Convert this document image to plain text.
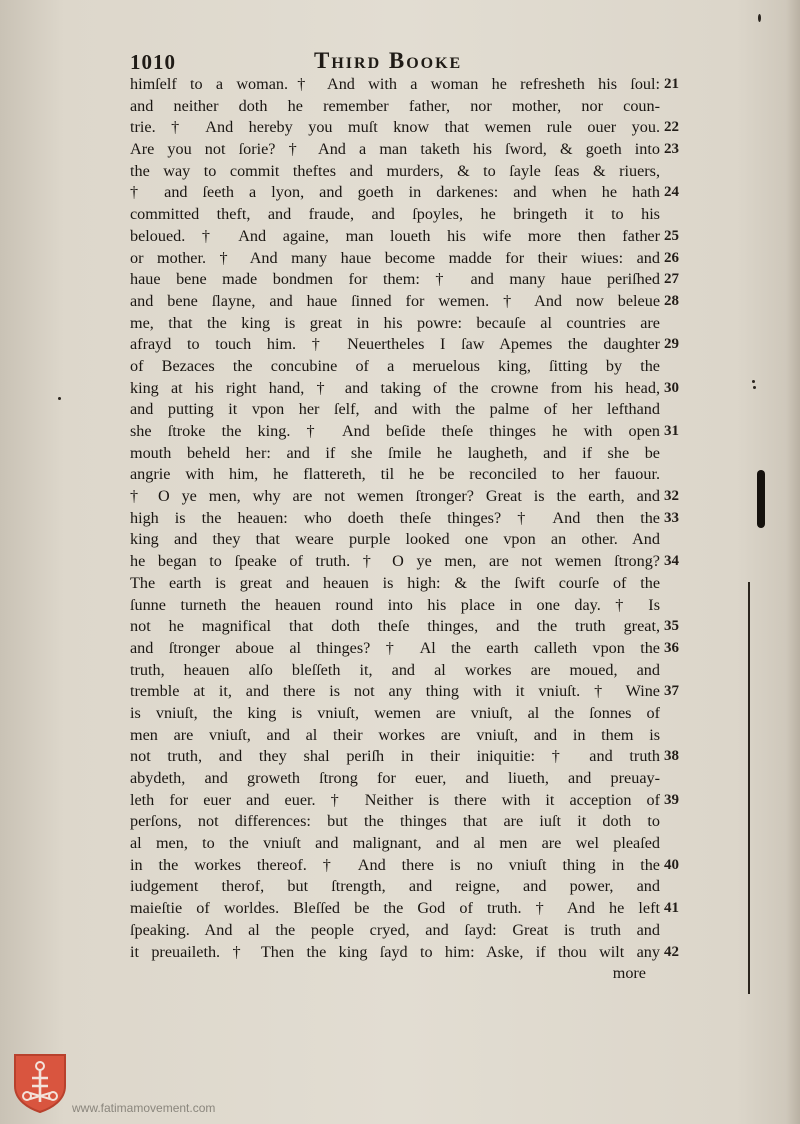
1010	Third Booke
himſelf to a woman.† And with a woman he refresheth his ſoul:
and neither doth he remember father, nor mother, nor coun-
trie. † And hereby you muſt know that wemen rule ouer you.
Are you not ſorie? † And a man taketh his ſword, & goeth into
the way to commit theftes and murders, & to ſayle ſeas & riuers,
† and ſeeth a lyon, and goeth in darkenes: and when he hath
committed theft, and fraude, and ſpoyles, he bringeth it to his
beloued. † And againe, man loueth his wife more then father
or mother. † And many haue become madde for their wiues: and
haue bene made bondmen for them: † and many haue periſhed
and bene ſlayne, and haue ſinned for wemen. † And now beleue
me, that the king is great in his powre: becauſe al countries are
afrayd to touch him. † Neuertheles I ſaw Apemes the daughter
of Bezaces the concubine of a meruelous king, ſitting by the
king at his right hand, † and taking of the crowne from his head,
and putting it vpon her ſelf, and with the palme of her lefthand
she ſtroke the king. † And beſide theſe thinges he with open
mouth beheld her: and if she ſmile he laugheth, and if she be
angrie with him, he flattereth, til he be reconciled to her fauour.
† O ye men, why are not wemen ſtronger? Great is the earth, and
high is the heauen: who doeth theſe thinges? † And then the
king and they that weare purple looked one vpon an other. And
he began to ſpeake of truth. † O ye men, are not wemen ſtrong?
The earth is great and heauen is high: & the ſwift courſe of the
ſunne turneth the heauen round into his place in one day. † Is
not he magnifical that doth theſe thinges, and the truth great,
and ſtronger aboue al thinges? † Al the earth calleth vpon the
truth, heauen alſo bleſſeth it, and al workes are moued, and
tremble at it, and there is not any thing with it vniuſt. † Wine
is vniuſt, the king is vniuſt, wemen are vniuſt, al the ſonnes of
men are vniuſt, and al their workes are vniuſt, and in them is
not truth, and they shal periſh in their iniquitie: † and truth
abydeth, and groweth ſtrong for euer, and liueth, and preuay-
leth for euer and euer. † Neither is there with it acception of
perſons, not differences: but the thinges that are iuſt it doth to
al men, to the vniuſt and malignant, and al men are wel pleaſed
in the workes thereof. † And there is no vniuſt thing in the
iudgement therof, but ſtrength, and reigne, and power, and
maieſtie of worldes. Bleſſed be the God of truth. † And he left
ſpeaking. And al the people cryed, and ſayd: Great is truth and
it preuaileth. † Then the king ſayd to him: Aske, if thou wilt any
more
21
22
23
24
25
26
27
28
29
30
31
32
33
34
35
36
37
38
39
40
41
42
www.fatimamovement.com
